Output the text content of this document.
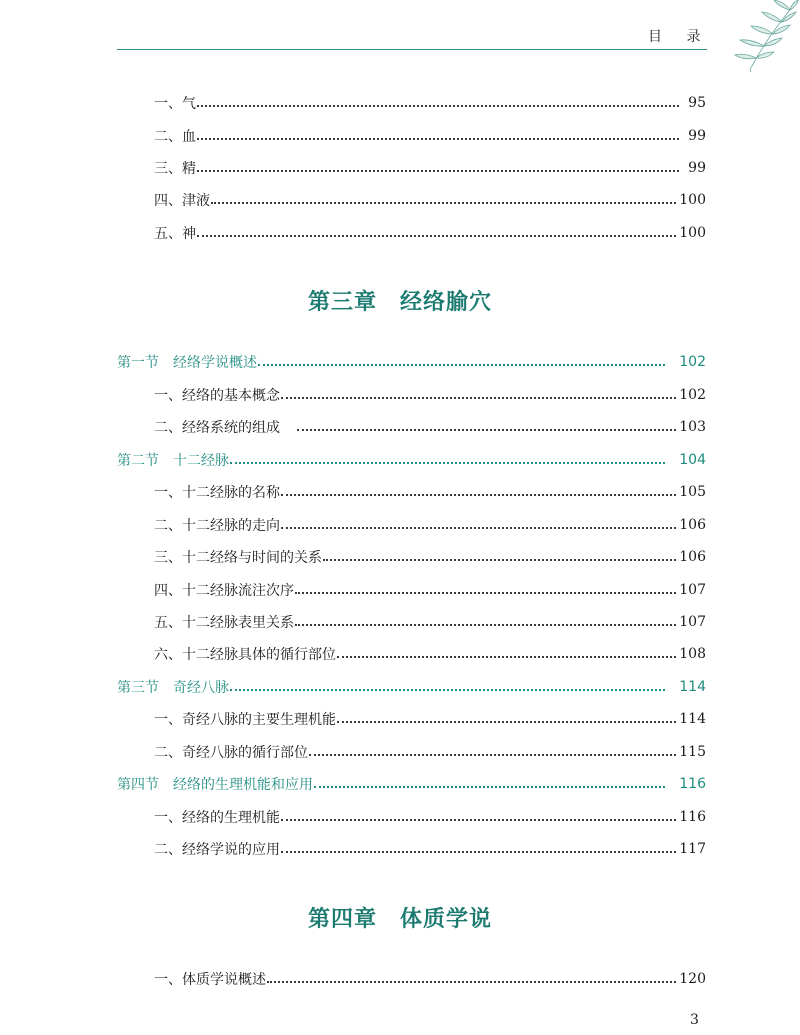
目 录
一、气	95
二、血	99
三、精	99
四、津液	100
五、神	100
第三章　经络腧穴
第一节　经络学说概述	102
一、经络的基本概念	102
二、经络系统的组成	103
第二节　十二经脉	104
一、十二经脉的名称	105
二、十二经脉的走向	106
三、十二经络与时间的关系	106
四、十二经脉流注次序	107
五、十二经脉表里关系	107
六、十二经脉具体的循行部位	108
第三节　奇经八脉	114
一、奇经八脉的主要生理机能	114
二、奇经八脉的循行部位	115
第四节　经络的生理机能和应用	116
一、经络的生理机能	116
二、经络学说的应用	117
第四章　体质学说
一、体质学说概述	120
3
